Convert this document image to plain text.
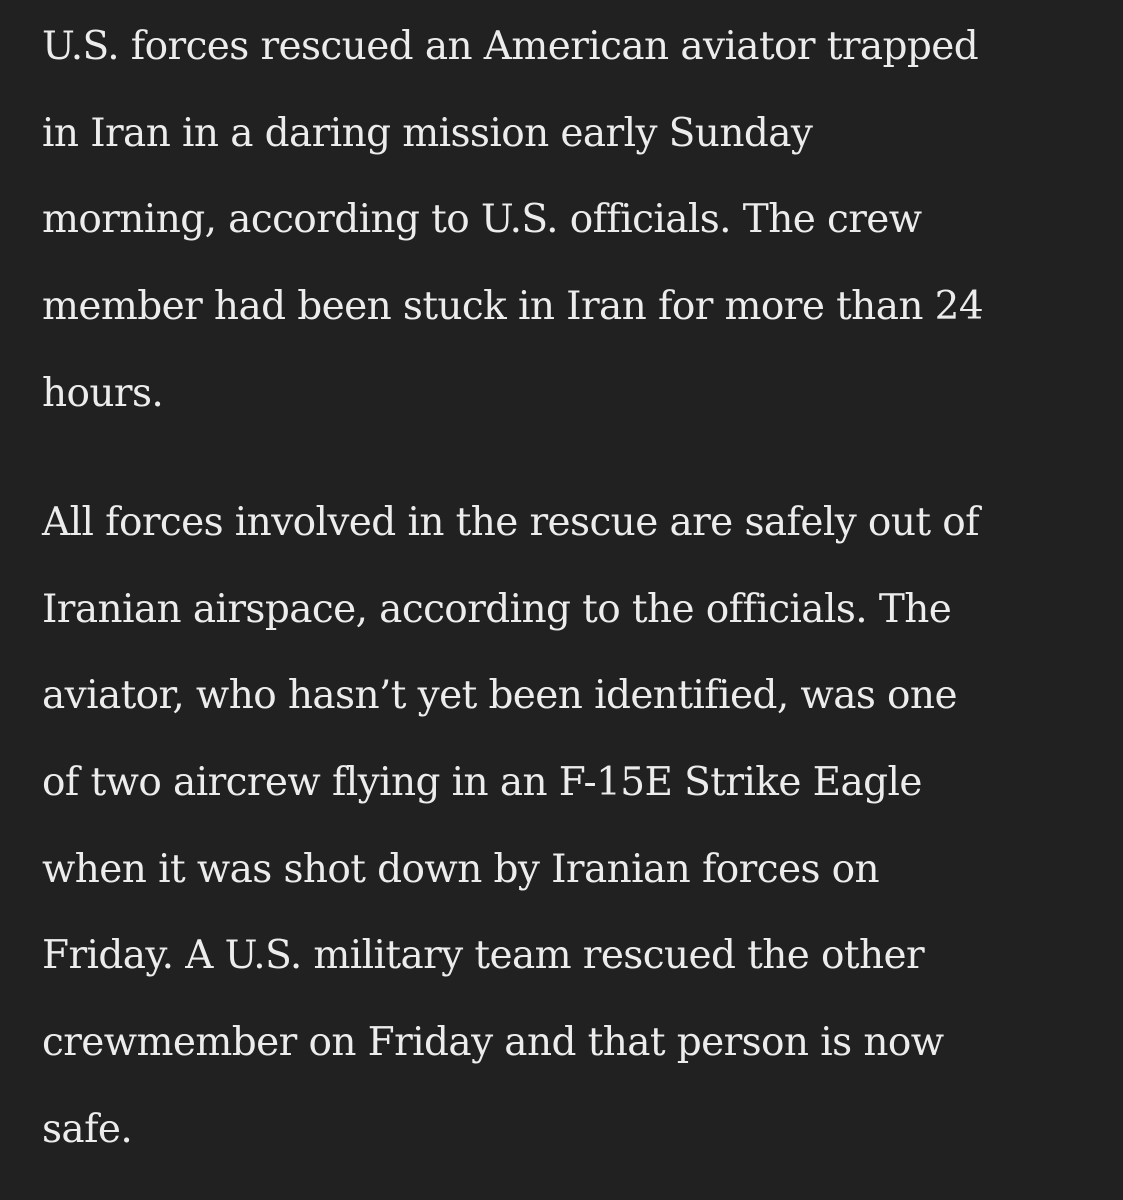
U.S. forces rescued an American aviator trapped
in Iran in a daring mission early Sunday
morning, according to U.S. officials. The crew
member had been stuck in Iran for more than 24
hours.
All forces involved in the rescue are safely out of
Iranian airspace, according to the officials. The
aviator, who hasn’t yet been identified, was one
of two aircrew flying in an F-15E Strike Eagle
when it was shot down by Iranian forces on
Friday. A U.S. military team rescued the other
crewmember on Friday and that person is now
safe.
